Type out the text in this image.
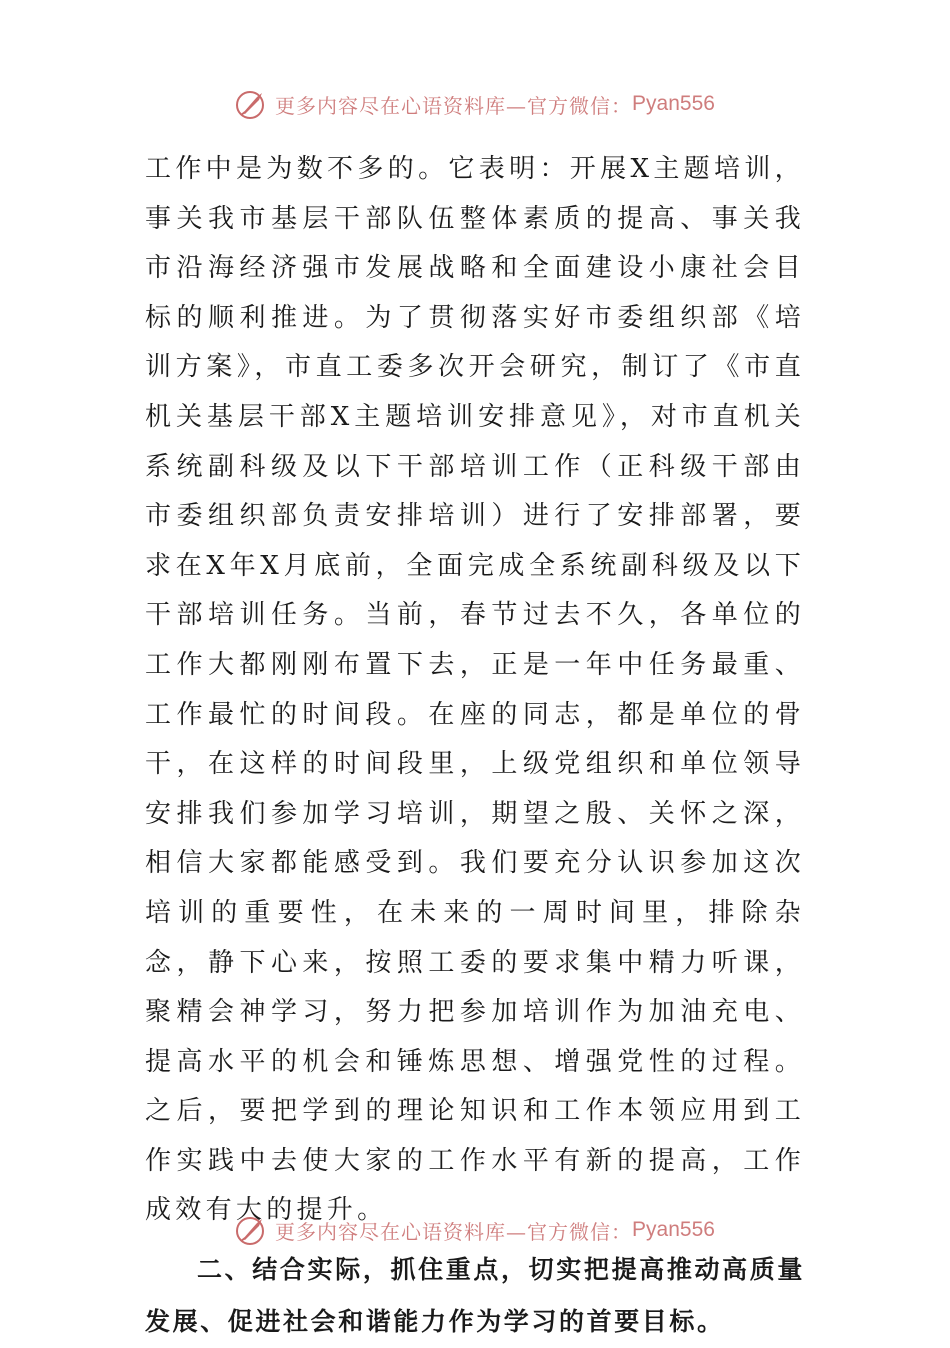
更多内容尽在心语资料库—官方微信： Pyan556

工作中是为数不多的。它表明：开展X主题培训，事关我市基层干部队伍整体素质的提高、事关我市沿海经济强市发展战略和全面建设小康社会目标的顺利推进。为了贯彻落实好市委组织部《培训方案》，市直工委多次开会研究，制订了《市直机关基层干部X主题培训安排意见》，对市直机关系统副科级及以下干部培训工作（正科级干部由市委组织部负责安排培训）进行了安排部署，要求在X年X月底前，全面完成全系统副科级及以下干部培训任务。当前，春节过去不久，各单位的工作大都刚刚布置下去，正是一年中任务最重、工作最忙的时间段。在座的同志，都是单位的骨干，在这样的时间段里，上级党组织和单位领导安排我们参加学习培训，期望之殷、关怀之深，相信大家都能感受到。我们要充分认识参加这次培训的重要性，在未来的一周时间里，排除杂念，静下心来，按照工委的要求集中精力听课，聚精会神学习，努力把参加培训作为加油充电、提高水平的机会和锤炼思想、增强党性的过程。之后，要把学到的理论知识和工作本领应用到工作实践中去使大家的工作水平有新的提高，工作成效有大的提升。

二、结合实际，抓住重点，切实把提高推动高质量发展、促进社会和谐能力作为学习的首要目标。

更多内容尽在心语资料库—官方微信： Pyan556
